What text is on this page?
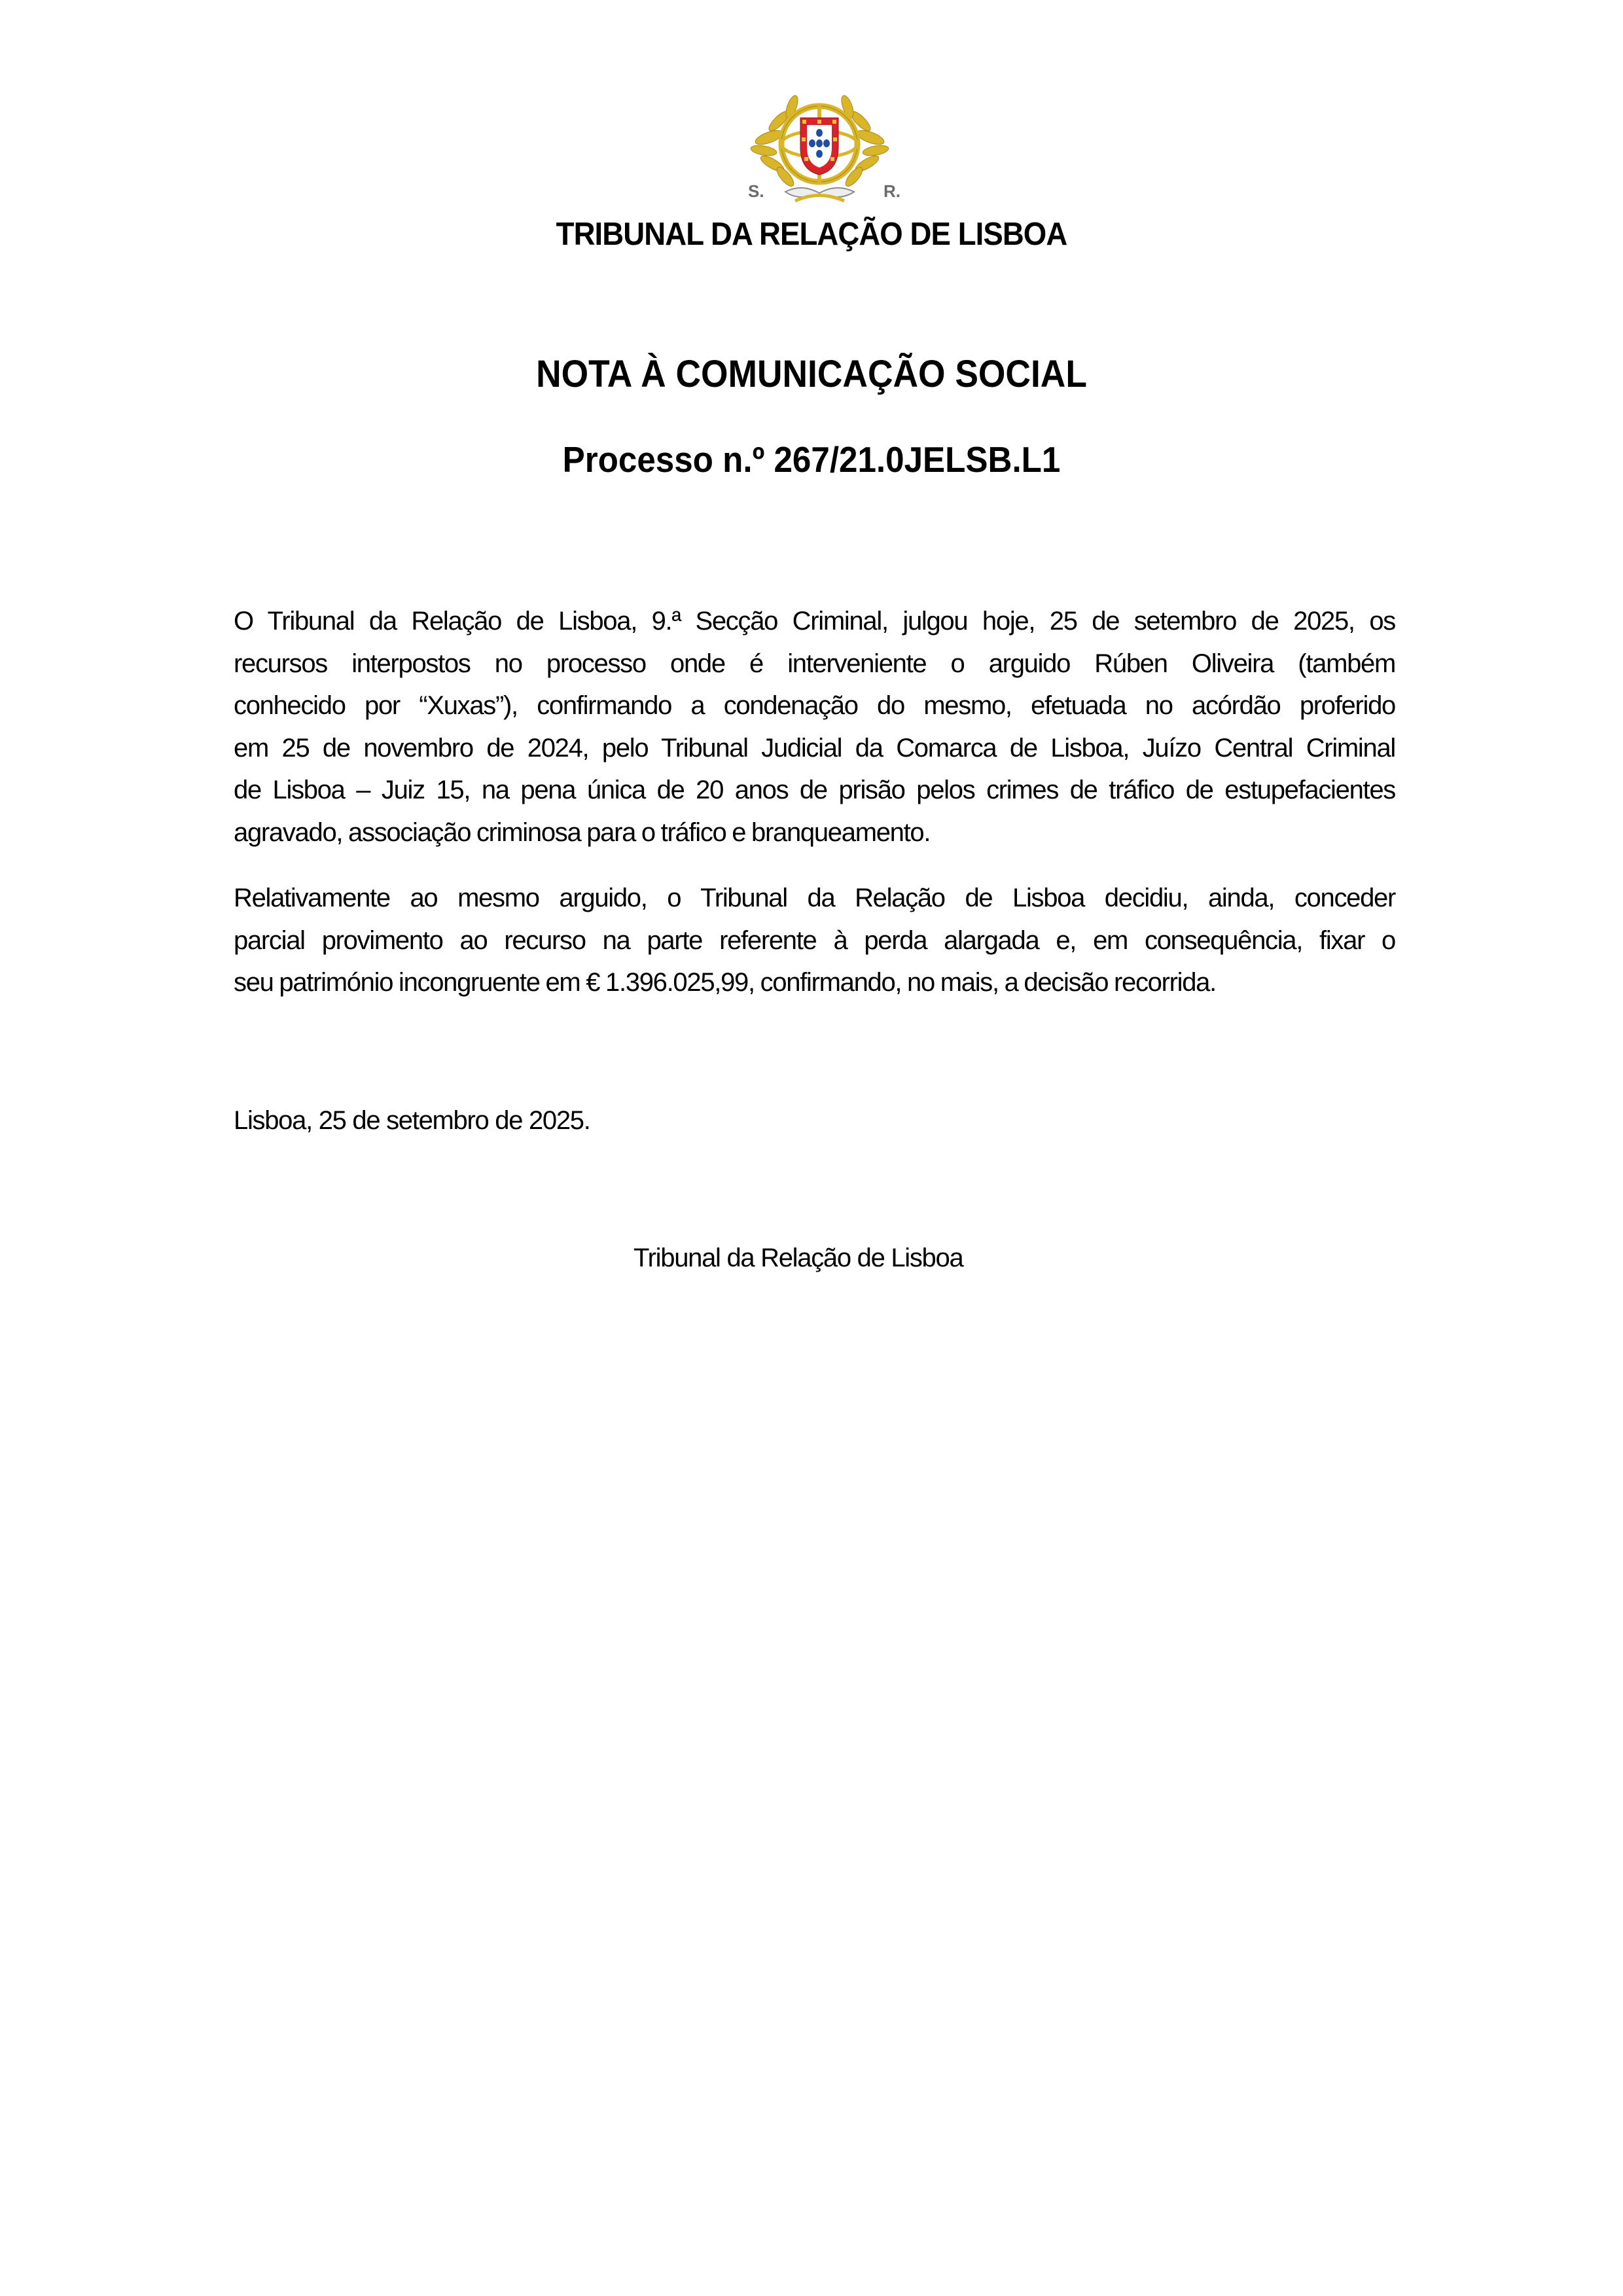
S.	R.
TRIBUNAL DA RELAÇÃO DE LISBOA
NOTA À COMUNICAÇÃO SOCIAL
Processo n.º 267/21.0JELSB.L1
O Tribunal da Relação de Lisboa, 9.ª Secção Criminal, julgou hoje, 25 de setembro de 2025, os
recursos interpostos no processo onde é interveniente o arguido Rúben Oliveira (também
conhecido por “Xuxas”), confirmando a condenação do mesmo, efetuada no acórdão proferido
em 25 de novembro de 2024, pelo Tribunal Judicial da Comarca de Lisboa, Juízo Central Criminal
de Lisboa – Juiz 15, na pena única de 20 anos de prisão pelos crimes de tráfico de estupefacientes
agravado, associação criminosa para o tráfico e branqueamento.
Relativamente ao mesmo arguido, o Tribunal da Relação de Lisboa decidiu, ainda, conceder
parcial provimento ao recurso na parte referente à perda alargada e, em consequência, fixar o
seu património incongruente em € 1.396.025,99, confirmando, no mais, a decisão recorrida.
Lisboa, 25 de setembro de 2025.
Tribunal da Relação de Lisboa
